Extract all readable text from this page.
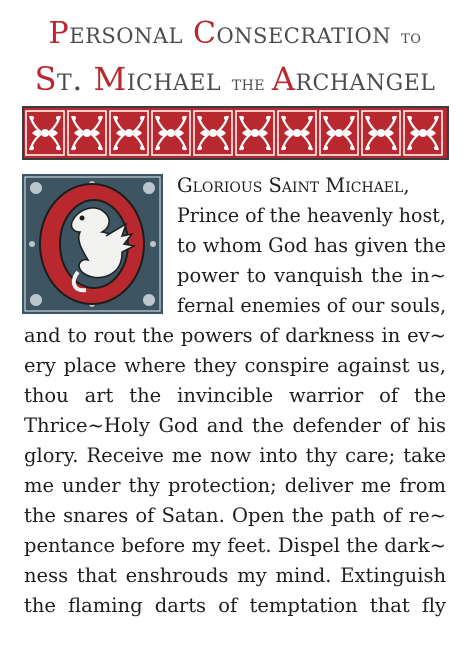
Personal Consecration to
St. Michael the Archangel
Glorious Saint Michael,
Prince of the heavenly host,
to whom God has given the
power to vanquish the in~
fernal enemies of our souls,
and to rout the powers of darkness in ev~
ery place where they conspire against us,
thou art the invincible warrior of the
Thrice~Holy God and the defender of his
glory. Receive me now into thy care; take
me under thy protection; deliver me from
the snares of Satan. Open the path of re~
pentance before my feet. Dispel the dark~
ness that enshrouds my mind. Extinguish
the flaming darts of temptation that fly
